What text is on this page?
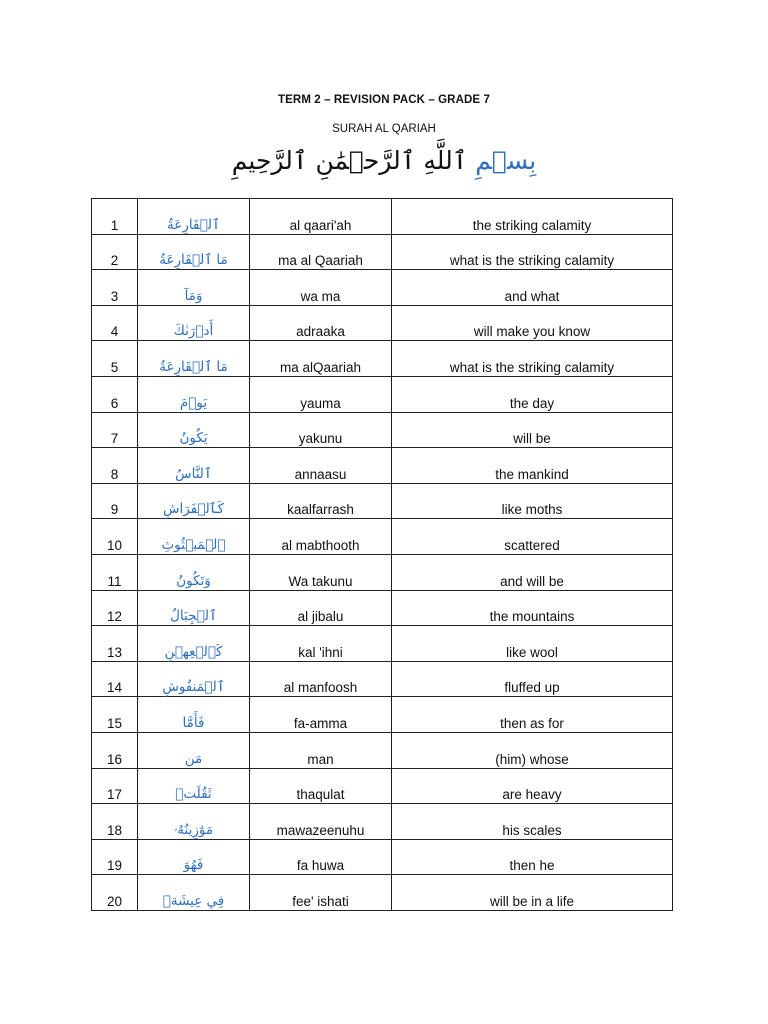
TERM 2 – REVISION PACK – GRADE 7
SURAH AL QARIAH
بِسۡمِ ٱللَّهِ ٱلرَّحۡمَٰنِ ٱلرَّحِيمِ
1	ٱلۡقَارِعَةُ	al qaari'ah	the striking calamity
2	مَا ٱلۡقَارِعَةُ	ma al Qaariah	what is the striking calamity
3	وَمَآ	wa ma	and what
4	أَدۡرَىٰكَ	adraaka	will make you know
5	مَا ٱلۡقَارِعَةُ	ma alQaariah	what is the striking calamity
6	يَوۡمَ	yauma	the day
7	يَكُونُ	yakunu	will be
8	ٱلنَّاسُ	annaasu	the mankind
9	كَٱلۡفَرَاشِ	kaalfarrash	like moths
10	ٱلۡمَبۡثُوثِ	al mabthooth	scattered
11	وَتَكُونُ	Wa takunu	and will be
12	ٱلۡجِبَالُ	al jibalu	the mountains
13	كَٱلۡعِهۡنِ	kal 'ihni	like wool
14	ٱلۡمَنفُوشِ	al manfoosh	fluffed up
15	فَأَمَّا	fa-amma	then as for
16	مَن	man	(him) whose
17	ثَقُلَتۡ	thaqulat	are heavy
18	مَوَٰزِينُهُۥ	mawazeenuhu	his scales
19	فَهُوَ	fa huwa	then he
20	فِي عِيشَةٖ	fee' ishati	will be in a life
